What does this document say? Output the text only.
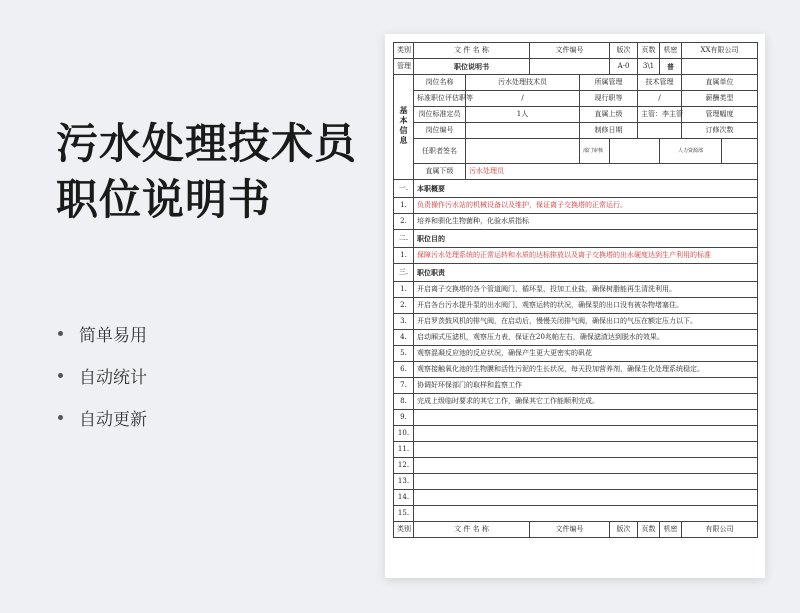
污水处理技术员
职位说明书
简单易用
自动统计
自动更新
类别	文 件 名 称		文件编号		版次	页数	机密	XX有限公司		
管理	职位说明书				A-0	3\1	普			
基本信息	岗位名称	污水处理技术员		所属管理		技术管理		直属单位	
	标准职位评估职等	/		现行职等		/		薪酬类型	
	岗位标准定员	1人		直属上级		主管：李主管		管理幅度	
	岗位编号			制修日期				订修次数	
	任职者签名			部门审核			人力资源部		
	直属下级	污水处理员								
一.	本职概要									
1.	负责操作污水站的机械设备以及维护，保证离子交换塔的正常运行。									
2.	培养和驯化生物菌种，化验水质指标									
二.	职位目的									
1.	保障污水处理系统的正常运转和水质的达标排放以及离子交换塔的出水硬度达到生产利用的标准									
三.	职位职责									
1.	开启离子交换塔的各个管道阀门，循环泵，投加工业盐，确保树脂能再生清洗利用。									
2.	开启各台污水提升泵的出水阀门，观察运转的状况，确保泵的出口没有被杂物堵塞住。									
3.	开启罗茨鼓风机的排气阀，在启动后，慢慢关闭排气阀，确保出口的气压在额定压力以下。									
4.	启动厢式压滤机，观察压力表，保证在20兆帕左右，确保滤渣达到脱水的效果。									
5.	观察混凝反应池的反应状况，确保产生更大更密实的矾花									
6.	观察接触氧化池的生物膜和活性污泥的生长状况，每天投加营养剂，确保生化处理系统稳定。									
7.	协调好环保部门的取样和监察工作									
8.	完成上级临时要求的其它工作，确保其它工作能顺利完成。									
9.										
10.										
11.										
12.										
13.										
14.										
15.										
类别	文 件 名 称		文件编号		版次	页数	机密	有限公司		
